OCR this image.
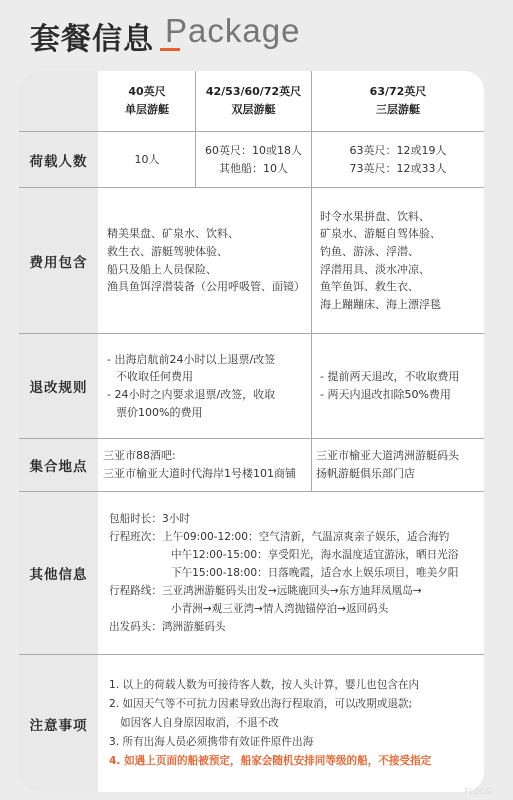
套餐信息 Package
40英尺
单层游艇
42/53/60/72英尺
双层游艇
63/72英尺
三层游艇
荷载人数	10人
60英尺：10或18人
其他船：10人
63英尺：12或19人
73英尺：12或33人
费用包含
精美果盘、矿泉水、饮料、
救生衣、游艇驾驶体验、
船只及船上人员保险、
渔具鱼饵浮潜装备（公用呼吸管、面镜）
时令水果拼盘、饮料、
矿泉水、游艇自驾体验、
钓鱼、游泳、浮潜、
浮潜用具、淡水冲凉、
鱼竿鱼饵、救生衣、
海上蹦蹦床、海上漂浮毯
退改规则
- 出海启航前24小时以上退票/改签
不收取任何费用
- 24小时之内要求退票/改签，收取
票价100%的费用
- 提前两天退改，不收取费用
- 两天内退改扣除50%费用
集合地点
三亚市88酒吧:
三亚市榆亚大道时代海岸1号楼101商铺
三亚市榆亚大道鸿洲游艇码头
扬帆游艇俱乐部门店
其他信息
包船时长：3小时
行程班次：上午09:00-12:00：空气清新，气温凉爽亲子娱乐，适合海钓
中午12:00-15:00：享受阳光，海水温度适宜游泳，晒日光浴
下午15:00-18:00：日落晚霞，适合水上娱乐项目，唯美夕阳
行程路线：三亚鸿洲游艇码头出发→远眺鹿回头→东方迪拜凤凰岛→
小青洲→观三亚湾→情人湾抛锚停泊→返回码头
出发码头：鸿洲游艇码头
注意事项
1. 以上的荷载人数为可接待客人数，按人头计算，婴儿也包含在内
2. 如因天气等不可抗力因素导致出海行程取消，可以改期或退款;
如因客人自身原因取消，不退不改
3. 所有出海人员必须携带有效证件原件出海
4. 如遇上页面的船被预定，船家会随机安排同等级的船，不接受指定
FLOOS
